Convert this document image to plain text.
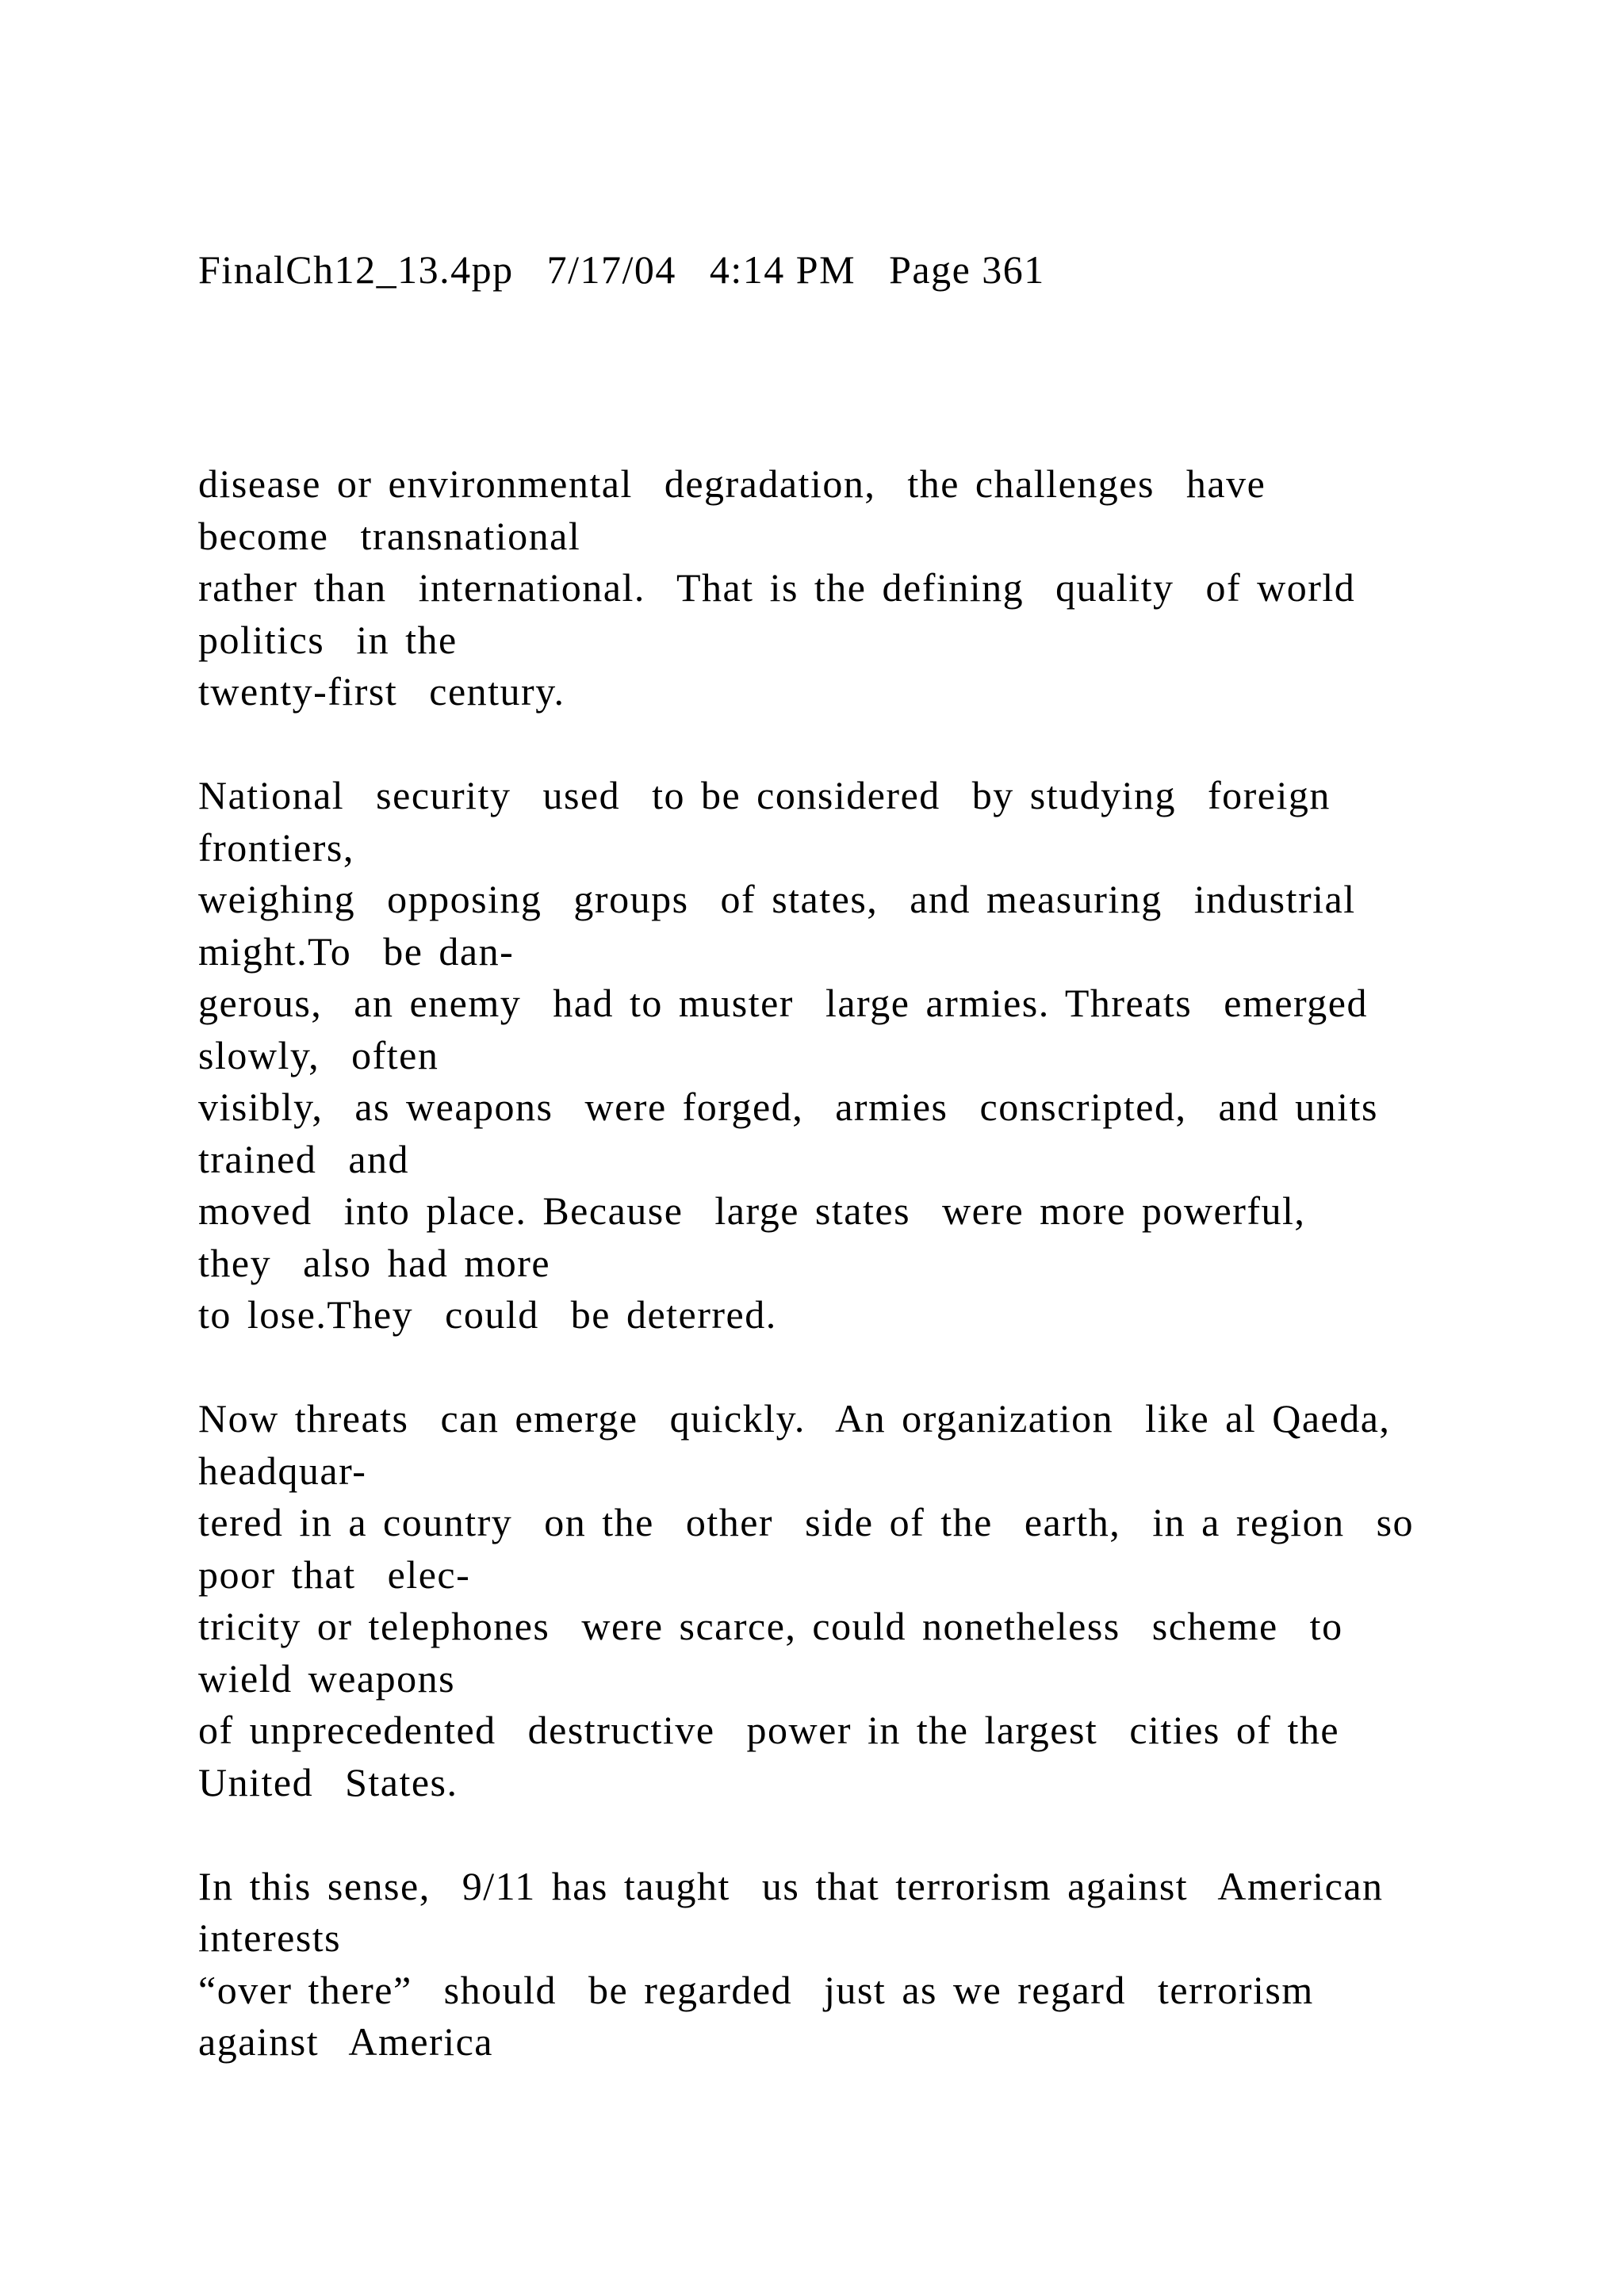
FinalCh12_13.4pp   7/17/04   4:14 PM   Page 361
disease or environmental  degradation,  the challenges  have
become  transnational
rather than  international.  That is the defining  quality  of world
politics  in the
twenty-first  century.
National  security  used  to be considered  by studying  foreign
frontiers,
weighing  opposing  groups  of states,  and measuring  industrial
might.To  be dan-
gerous,  an enemy  had to muster  large armies. Threats  emerged
slowly,  often
visibly,  as weapons  were forged,  armies  conscripted,  and units
trained  and
moved  into place. Because  large states  were more powerful,
they  also had more
to lose.They  could  be deterred.
Now threats  can emerge  quickly.  An organization  like al Qaeda,
headquar-
tered in a country  on the  other  side of the  earth,  in a region  so
poor that  elec-
tricity or telephones  were scarce, could nonetheless  scheme  to
wield weapons
of unprecedented  destructive  power in the largest  cities of the
United  States.
In this sense,  9/11 has taught  us that terrorism against  American
interests
“over there”  should  be regarded  just as we regard  terrorism
against  America
